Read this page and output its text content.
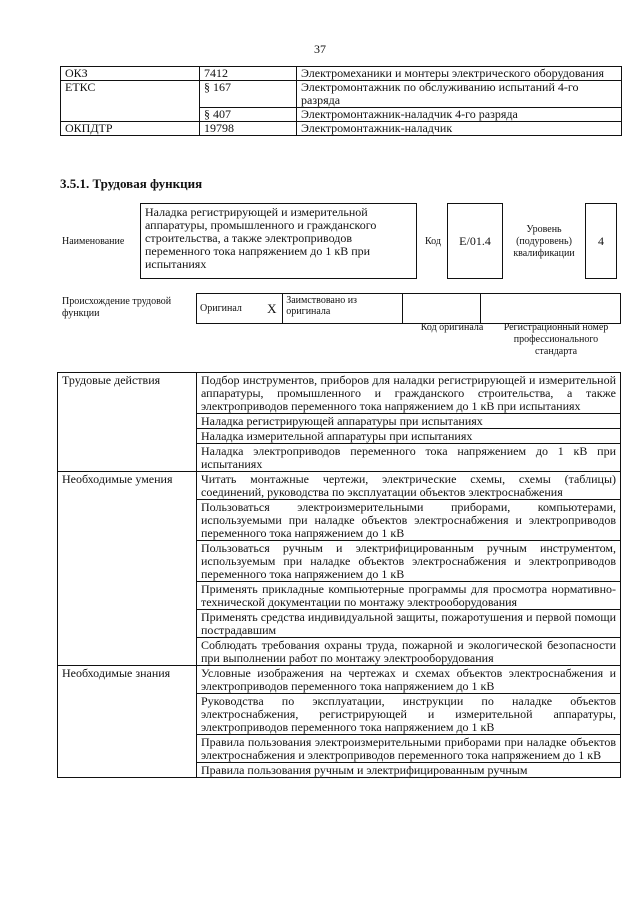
37
ОКЗ	7412	Электромеханики и монтеры электрического оборудования
ЕТКС	§ 167	Электромонтажник по обслуживанию испытаний 4-го разряда
	§ 407	Электромонтажник-наладчик 4-го разряда
ОКПДТР	19798	Электромонтажник-наладчик
3.5.1. Трудовая функция
Наименование
Наладка регистрирующей и измерительной аппаратуры, промышленного и гражданского строительства, а также электроприводов переменного тока напряжением до 1 кВ при испытаниях
Код	E/01.4
Уровень (подуровень) квалификации
4
Происхождение трудовой функции	Оригинал	X	Заимствовано из оригинала		
Код оригинала	Регистрационный номер профессионального стандарта
Трудовые действия	Подбор инструментов, приборов для наладки регистрирующей и измерительной аппаратуры, промышленного и гражданского строительства, а также электроприводов переменного тока напряжением до 1 кВ при испытаниях
	Наладка регистрирующей аппаратуры при испытаниях
	Наладка измерительной аппаратуры при испытаниях
	Наладка электроприводов переменного тока напряжением до 1 кВ при испытаниях
Необходимые умения	Читать монтажные чертежи, электрические схемы, схемы (таблицы) соединений, руководства по эксплуатации объектов электроснабжения
	Пользоваться электроизмерительными приборами, компьютерами, используемыми при наладке объектов электроснабжения и электроприводов переменного тока напряжением до 1 кВ
	Пользоваться ручным и электрифицированным ручным инструментом, используемым при наладке объектов электроснабжения и электроприводов переменного тока напряжением до 1 кВ
	Применять прикладные компьютерные программы для просмотра нормативно-технической документации по монтажу электрооборудования
	Применять средства индивидуальной защиты, пожаротушения и первой помощи пострадавшим
	Соблюдать требования охраны труда, пожарной и экологической безопасности при выполнении работ по монтажу электрооборудования
Необходимые знания	Условные изображения на чертежах и схемах объектов электроснабжения и электроприводов переменного тока напряжением до 1 кВ
	Руководства по эксплуатации, инструкции по наладке объектов электроснабжения, регистрирующей и измерительной аппаратуры, электроприводов переменного тока напряжением до 1 кВ
	Правила пользования электроизмерительными приборами при наладке объектов электроснабжения и электроприводов переменного тока напряжением до 1 кВ
	Правила пользования ручным и электрифицированным ручным
